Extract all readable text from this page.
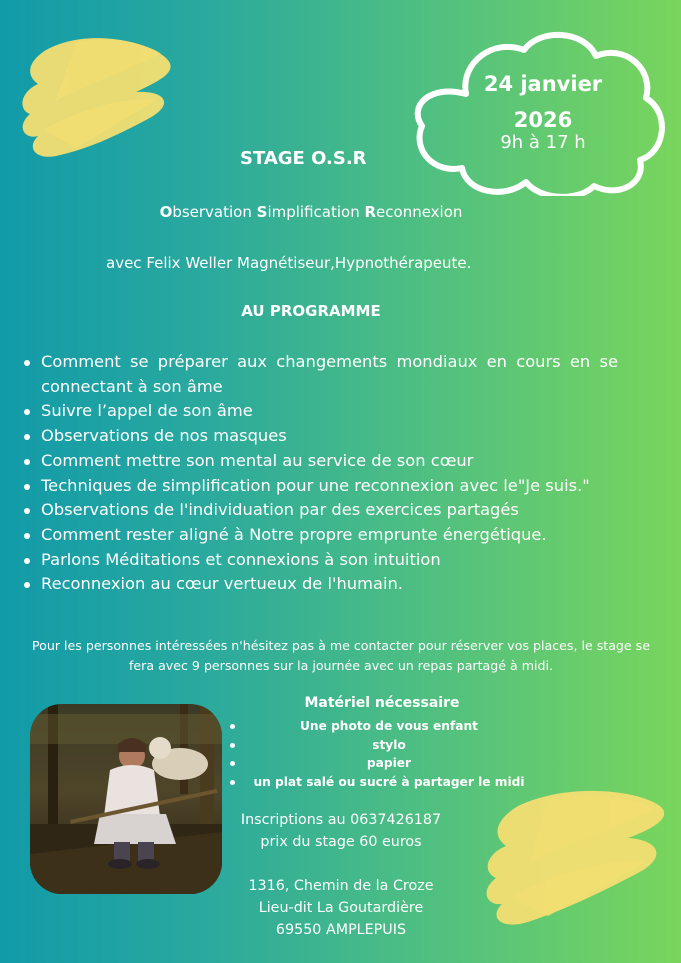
24 janvier
2026
9h à 17 h
STAGE O.S.R
Observation Simplification Reconnexion
avec Felix Weller Magnétiseur,Hypnothérapeute.
AU PROGRAMME
Comment se préparer aux changements mondiaux en cours en se connectant à son âme
Suivre l’appel de son âme
Observations de nos masques
Comment mettre son mental au service de son cœur
Techniques de simplification pour une reconnexion avec le"Je suis."
Observations de l'individuation par des exercices partagés
Comment rester aligné à Notre propre emprunte énergétique.
Parlons Méditations et connexions à son intuition
Reconnexion au cœur vertueux de l'humain.
Pour les personnes intéressées n'hésitez pas à me contacter pour réserver vos places, le stage se fera avec 9 personnes sur la journée avec un repas partagé à midi.
Matériel nécessaire
Une photo de vous enfant
stylo
papier
un plat salé ou sucré à partager le midi
Inscriptions au 0637426187
prix du stage 60 euros
1316, Chemin de la Croze
Lieu-dit La Goutardière
69550 AMPLEPUIS
